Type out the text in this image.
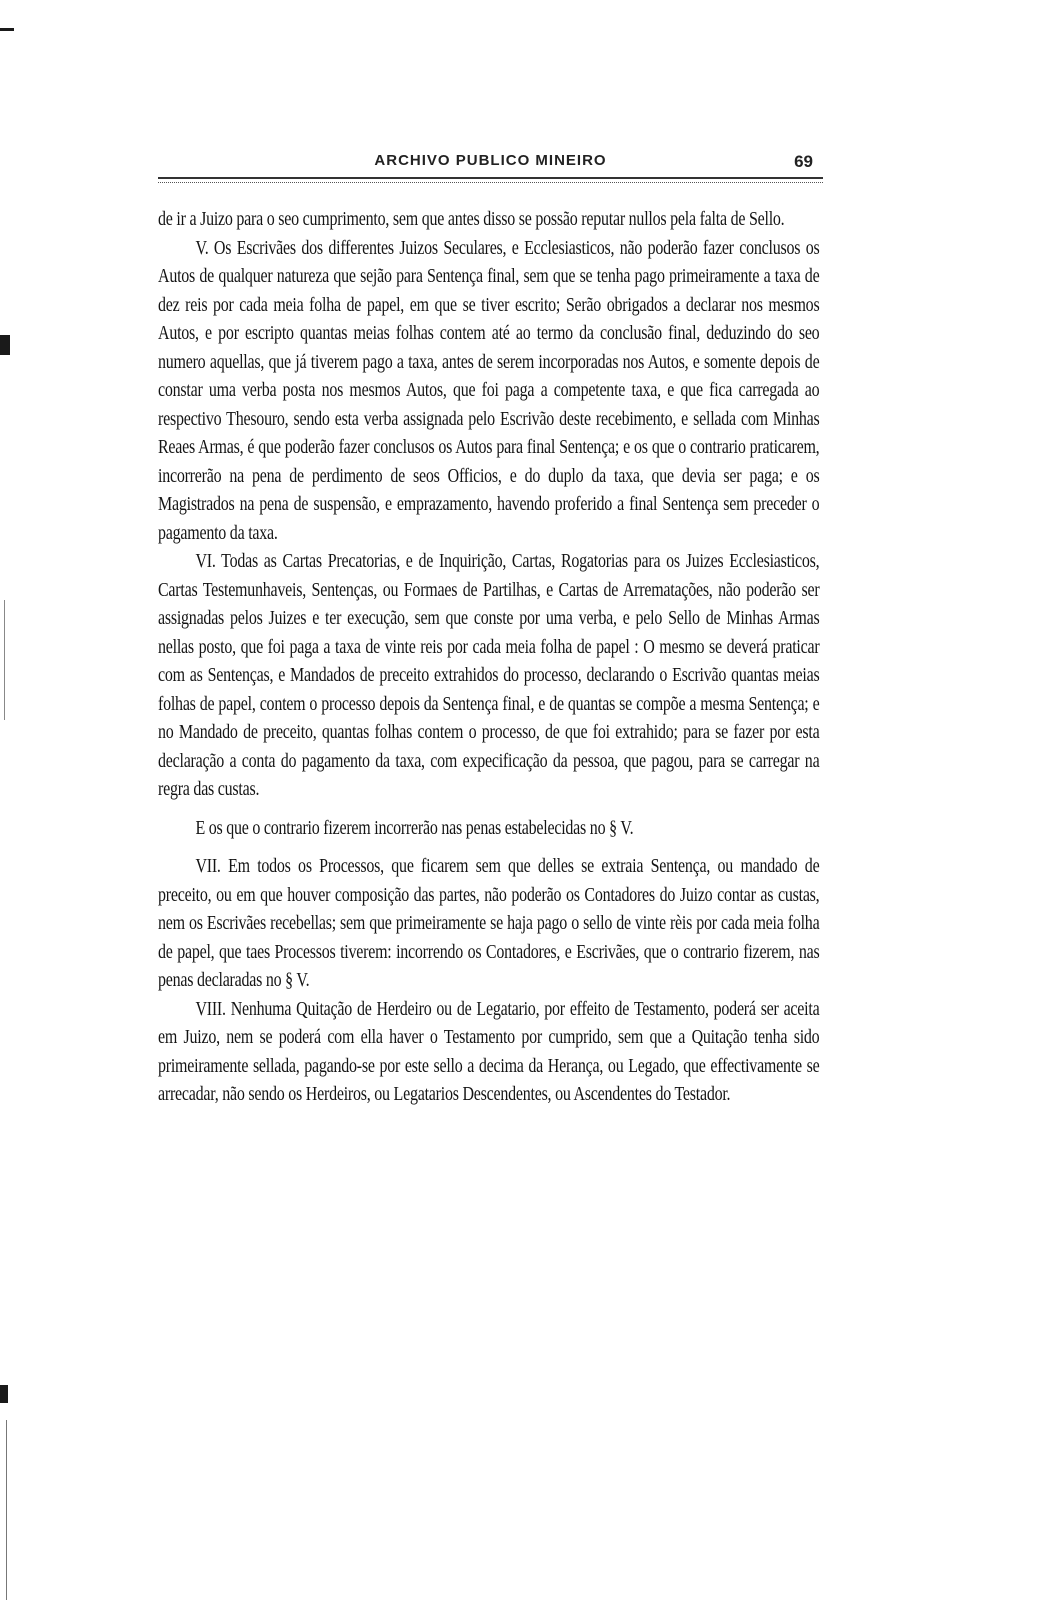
ARCHIVO PUBLICO MINEIRO	69

de ir a Juizo para o seo cumprimento, sem que antes disso se possão reputar nullos pela falta de Sello.

V. Os Escrivães dos differentes Juizos Seculares, e Ecclesiasticos, não poderão fazer conclusos os Autos de qualquer natureza que sejão para Sentença final, sem que se tenha pago primeiramente a taxa de dez reis por cada meia folha de papel, em que se tiver escrito; Serão obrigados a declarar nos mesmos Autos, e por escripto quantas meias folhas contem até ao termo da conclusão final, deduzindo do seo numero aquellas, que já tiverem pago a taxa, antes de serem incorporadas nos Autos, e somente depois de constar uma verba posta nos mesmos Autos, que foi paga a competente taxa, e que fica carregada ao respectivo Thesouro, sendo esta verba assignada pelo Escrivão deste recebimento, e sellada com Minhas Reaes Armas, é que poderão fazer conclusos os Autos para final Sentença; e os que o contrario praticarem, incorrerão na pena de perdimento de seos Officios, e do duplo da taxa, que devia ser paga; e os Magistrados na pena de suspensão, e emprazamento, havendo proferido a final Sentença sem preceder o pagamento da taxa.

VI. Todas as Cartas Precatorias, e de Inquirição, Cartas, Rogatorias para os Juizes Ecclesiasticos, Cartas Testemunhaveis, Sentenças, ou Formaes de Partilhas, e Cartas de Arrematações, não poderão ser assignadas pelos Juizes e ter execução, sem que conste por uma verba, e pelo Sello de Minhas Armas nellas posto, que foi paga a taxa de vinte reis por cada meia folha de papel : O mesmo se deverá praticar com as Sentenças, e Mandados de preceito extrahidos do processo, declarando o Escrivão quantas meias folhas de papel, contem o processo depois da Sentença final, e de quantas se compõe a mesma Sentença; e no Mandado de preceito, quantas folhas contem o processo, de que foi extrahido; para se fazer por esta declaração a conta do pagamento da taxa, com expecificação da pessoa, que pagou, para se carregar na regra das custas.

E os que o contrario fizerem incorrerão nas penas estabelecidas no § V.

VII. Em todos os Processos, que ficarem sem que delles se extraia Sentença, ou mandado de preceito, ou em que houver composição das partes, não poderão os Contadores do Juizo contar as custas, nem os Escrivães recebellas; sem que primeiramente se haja pago o sello de vinte rèis por cada meia folha de papel, que taes Processos tiverem: incorrendo os Contadores, e Escrivães, que o contrario fizerem, nas penas declaradas no § V.

VIII. Nenhuma Quitação de Herdeiro ou de Legatario, por effeito de Testamento, poderá ser aceita em Juizo, nem se poderá com ella haver o Testamento por cumprido, sem que a Quitação tenha sido primeiramente sellada, pagando-se por este sello a decima da Herança, ou Legado, que effectivamente se arrecadar, não sendo os Herdeiros, ou Legatarios Descendentes, ou Ascendentes do Testador.
